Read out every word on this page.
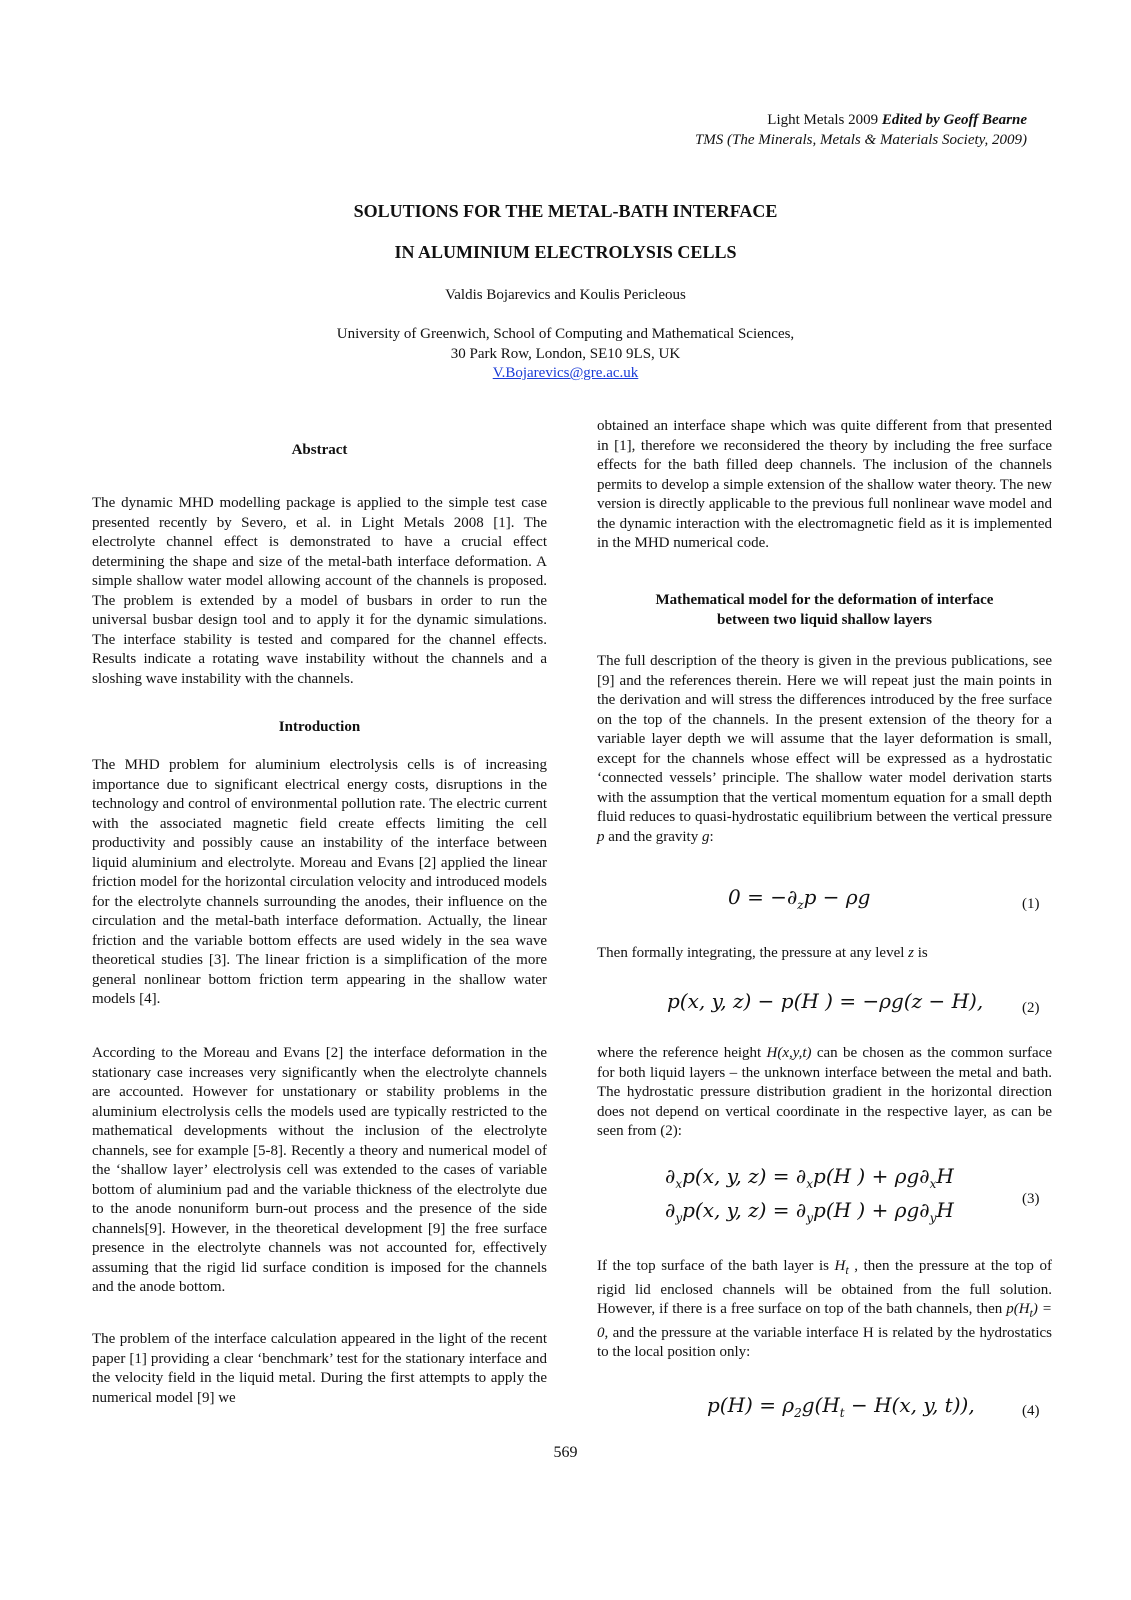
Light Metals 2009 Edited by Geoff Bearne
TMS (The Minerals, Metals & Materials Society, 2009)
SOLUTIONS FOR THE METAL-BATH INTERFACE
IN ALUMINIUM ELECTROLYSIS CELLS
Valdis Bojarevics and Koulis Pericleous
University of Greenwich, School of Computing and Mathematical Sciences,
30 Park Row, London, SE10 9LS, UK
V.Bojarevics@gre.ac.uk
Abstract

The dynamic MHD modelling package is applied to the simple test case presented recently by Severo, et al. in Light Metals 2008 [1]. The electrolyte channel effect is demonstrated to have a crucial effect determining the shape and size of the metal-bath interface deformation. A simple shallow water model allowing account of the channels is proposed. The problem is extended by a model of busbars in order to run the universal busbar design tool and to apply it for the dynamic simulations. The interface stability is tested and compared for the channel effects. Results indicate a rotating wave instability without the channels and a sloshing wave instability with the channels.

Introduction

The MHD problem for aluminium electrolysis cells is of increasing importance due to significant electrical energy costs, disruptions in the technology and control of environmental pollution rate. The electric current with the associated magnetic field create effects limiting the cell productivity and possibly cause an instability of the interface between liquid aluminium and electrolyte. Moreau and Evans [2] applied the linear friction model for the horizontal circulation velocity and introduced models for the electrolyte channels surrounding the anodes, their influence on the circulation and the metal-bath interface deformation. Actually, the linear friction and the variable bottom effects are used widely in the sea wave theoretical studies [3]. The linear friction is a simplification of the more general nonlinear bottom friction term appearing in the shallow water models [4].

According to the Moreau and Evans [2] the interface deformation in the stationary case increases very significantly when the electrolyte channels are accounted. However for unstationary or stability problems in the aluminium electrolysis cells the models used are typically restricted to the mathematical developments without the inclusion of the electrolyte channels, see for example [5-8]. Recently a theory and numerical model of the ‘shallow layer’ electrolysis cell was extended to the cases of variable bottom of aluminium pad and the variable thickness of the electrolyte due to the anode nonuniform burn-out process and the presence of the side channels[9]. However, in the theoretical development [9] the free surface presence in the electrolyte channels was not accounted for, effectively assuming that the rigid lid surface condition is imposed for the channels and the anode bottom.

The problem of the interface calculation appeared in the light of the recent paper [1] providing a clear ‘benchmark’ test for the stationary interface and the velocity field in the liquid metal. During the first attempts to apply the numerical model [9] we

obtained an interface shape which was quite different from that presented in [1], therefore we reconsidered the theory by including the free surface effects for the bath filled deep channels. The inclusion of the channels permits to develop a simple extension of the shallow water theory. The new version is directly applicable to the previous full nonlinear wave model and the dynamic interaction with the electromagnetic field as it is implemented in the MHD numerical code.

Mathematical model for the deformation of interface
between two liquid shallow layers

The full description of the theory is given in the previous publications, see [9] and the references therein. Here we will repeat just the main points in the derivation and will stress the differences introduced by the free surface on the top of the channels. In the present extension of the theory for a variable layer depth we will assume that the layer deformation is small, except for the channels whose effect will be expressed as a hydrostatic ‘connected vessels’ principle. The shallow water model derivation starts with the assumption that the vertical momentum equation for a small depth fluid reduces to quasi-hydrostatic equilibrium between the vertical pressure p and the gravity g:

$0 = -\partial_zp - \rho g$	(1)

Then formally integrating, the pressure at any level z is

p(x, y, z) − p(H ) = −ρg(z − H),	(2)

where the reference height H(x,y,t) can be chosen as the common surface for both liquid layers – the unknown interface between the metal and bath. The hydrostatic pressure distribution gradient in the horizontal direction does not depend on vertical coordinate in the respective layer, as can be seen from (2):

$\partial_xp(x$, y, $z) = \partial_xp(H$ ) + $\rho g\partial_xH$
$\partial_yp(x$, y, $z) = \partial_yp(H$ ) + $\rho g\partial_yH$	(3)

If the top surface of the bath layer is $H_t$ , then the pressure at the top of rigid lid enclosed channels will be obtained from the full solution. However, if there is a free surface on top of the bath channels, then $p(H_t) = 0$, and the pressure at the variable interface H is related by the hydrostatics to the local position only:

$p(H) = \rho_2g(H_t - H(x$, y, t)),	(4)
569
